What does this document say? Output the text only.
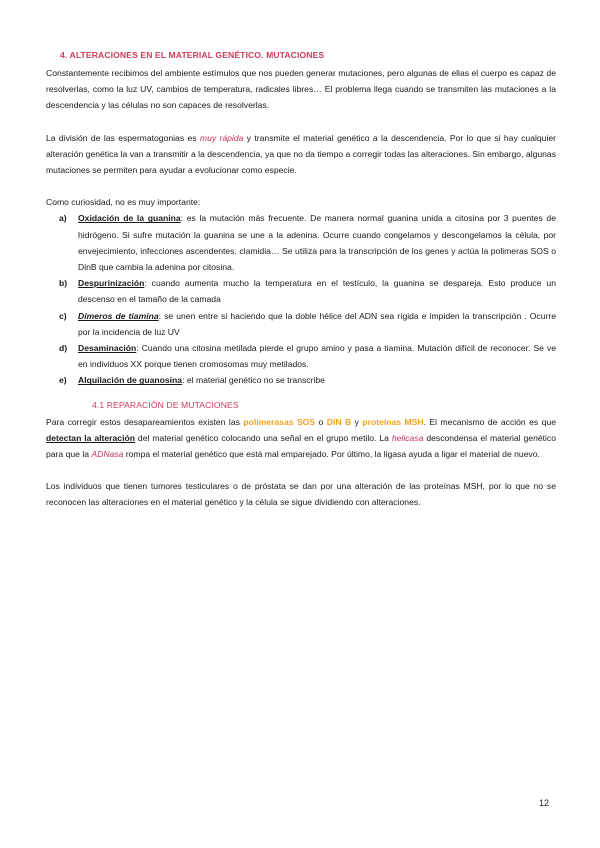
4. ALTERACIONES EN EL MATERIAL GENÉTICO. MUTACIONES

Constantemente recibimos del ambiente estímulos que nos pueden generar mutaciones, pero algunas de ellas el cuerpo es capaz de resolverlas, como la luz UV, cambios de temperatura, radicales libres… El problema llega cuando se transmiten las mutaciones a la descendencia y las células no son capaces de resolverlas.

La división de las espermatogonias es muy rápida y transmite el material genético a la descendencia. Por lo que si hay cualquier alteración genética la van a transmitir a la descendencia, ya que no da tiempo a corregir todas las alteraciones. Sin embargo, algunas mutaciones se permiten para ayudar a evolucionar como especie.

Como curiosidad, no es muy importante:

a) Oxidación de la guanina: es la mutación más frecuente. De manera normal guanina unida a citosina por 3 puentes de hidrógeno. Si sufre mutación la guanina se une a la adenina. Ocurre cuando congelamos y descongelamos la célula, por envejecimiento, infecciones ascendentes, clamidia… Se utiliza para la transcripción de los genes y actúa la polimeras SOS o DinB que cambia la adenina por citosina.
b) Despurinización: cuando aumenta mucho la temperatura en el testículo, la guanina se despareja. Esto produce un descenso en el tamaño de la camada
c) Dímeros de tiamina: se unen entre si haciendo que la doble hélice del ADN sea rígida e impiden la transcripción . Ocurre por la incidencia de luz UV
d) Desaminación: Cuando una citosina metilada pierde el grupo amino y pasa a tiamina. Mutación difícil de reconocer. Se ve en individuos XX porque tienen cromosomas muy metilados.
e) Alquilación de guanosina: el material genético no se transcribe
4.1 REPARACIÓN DE MUTACIONES

Para corregir estos desapareamientos existen las polimerasas SOS o DIN B y proteínas MSH. El mecanismo de acción es que detectan la alteración del material genético colocando una señal en el grupo metilo. La helicasa descondensa el material genético para que la ADNasa rompa el material genético que está mal emparejado. Por último, la ligasa ayuda a ligar el material de nuevo.

Los individuos que tienen tumores testiculares o de próstata se dan por una alteración de las proteínas MSH, por lo que no se reconocen las alteraciones en el material genético y la célula se sigue dividiendo con alteraciones.

12
